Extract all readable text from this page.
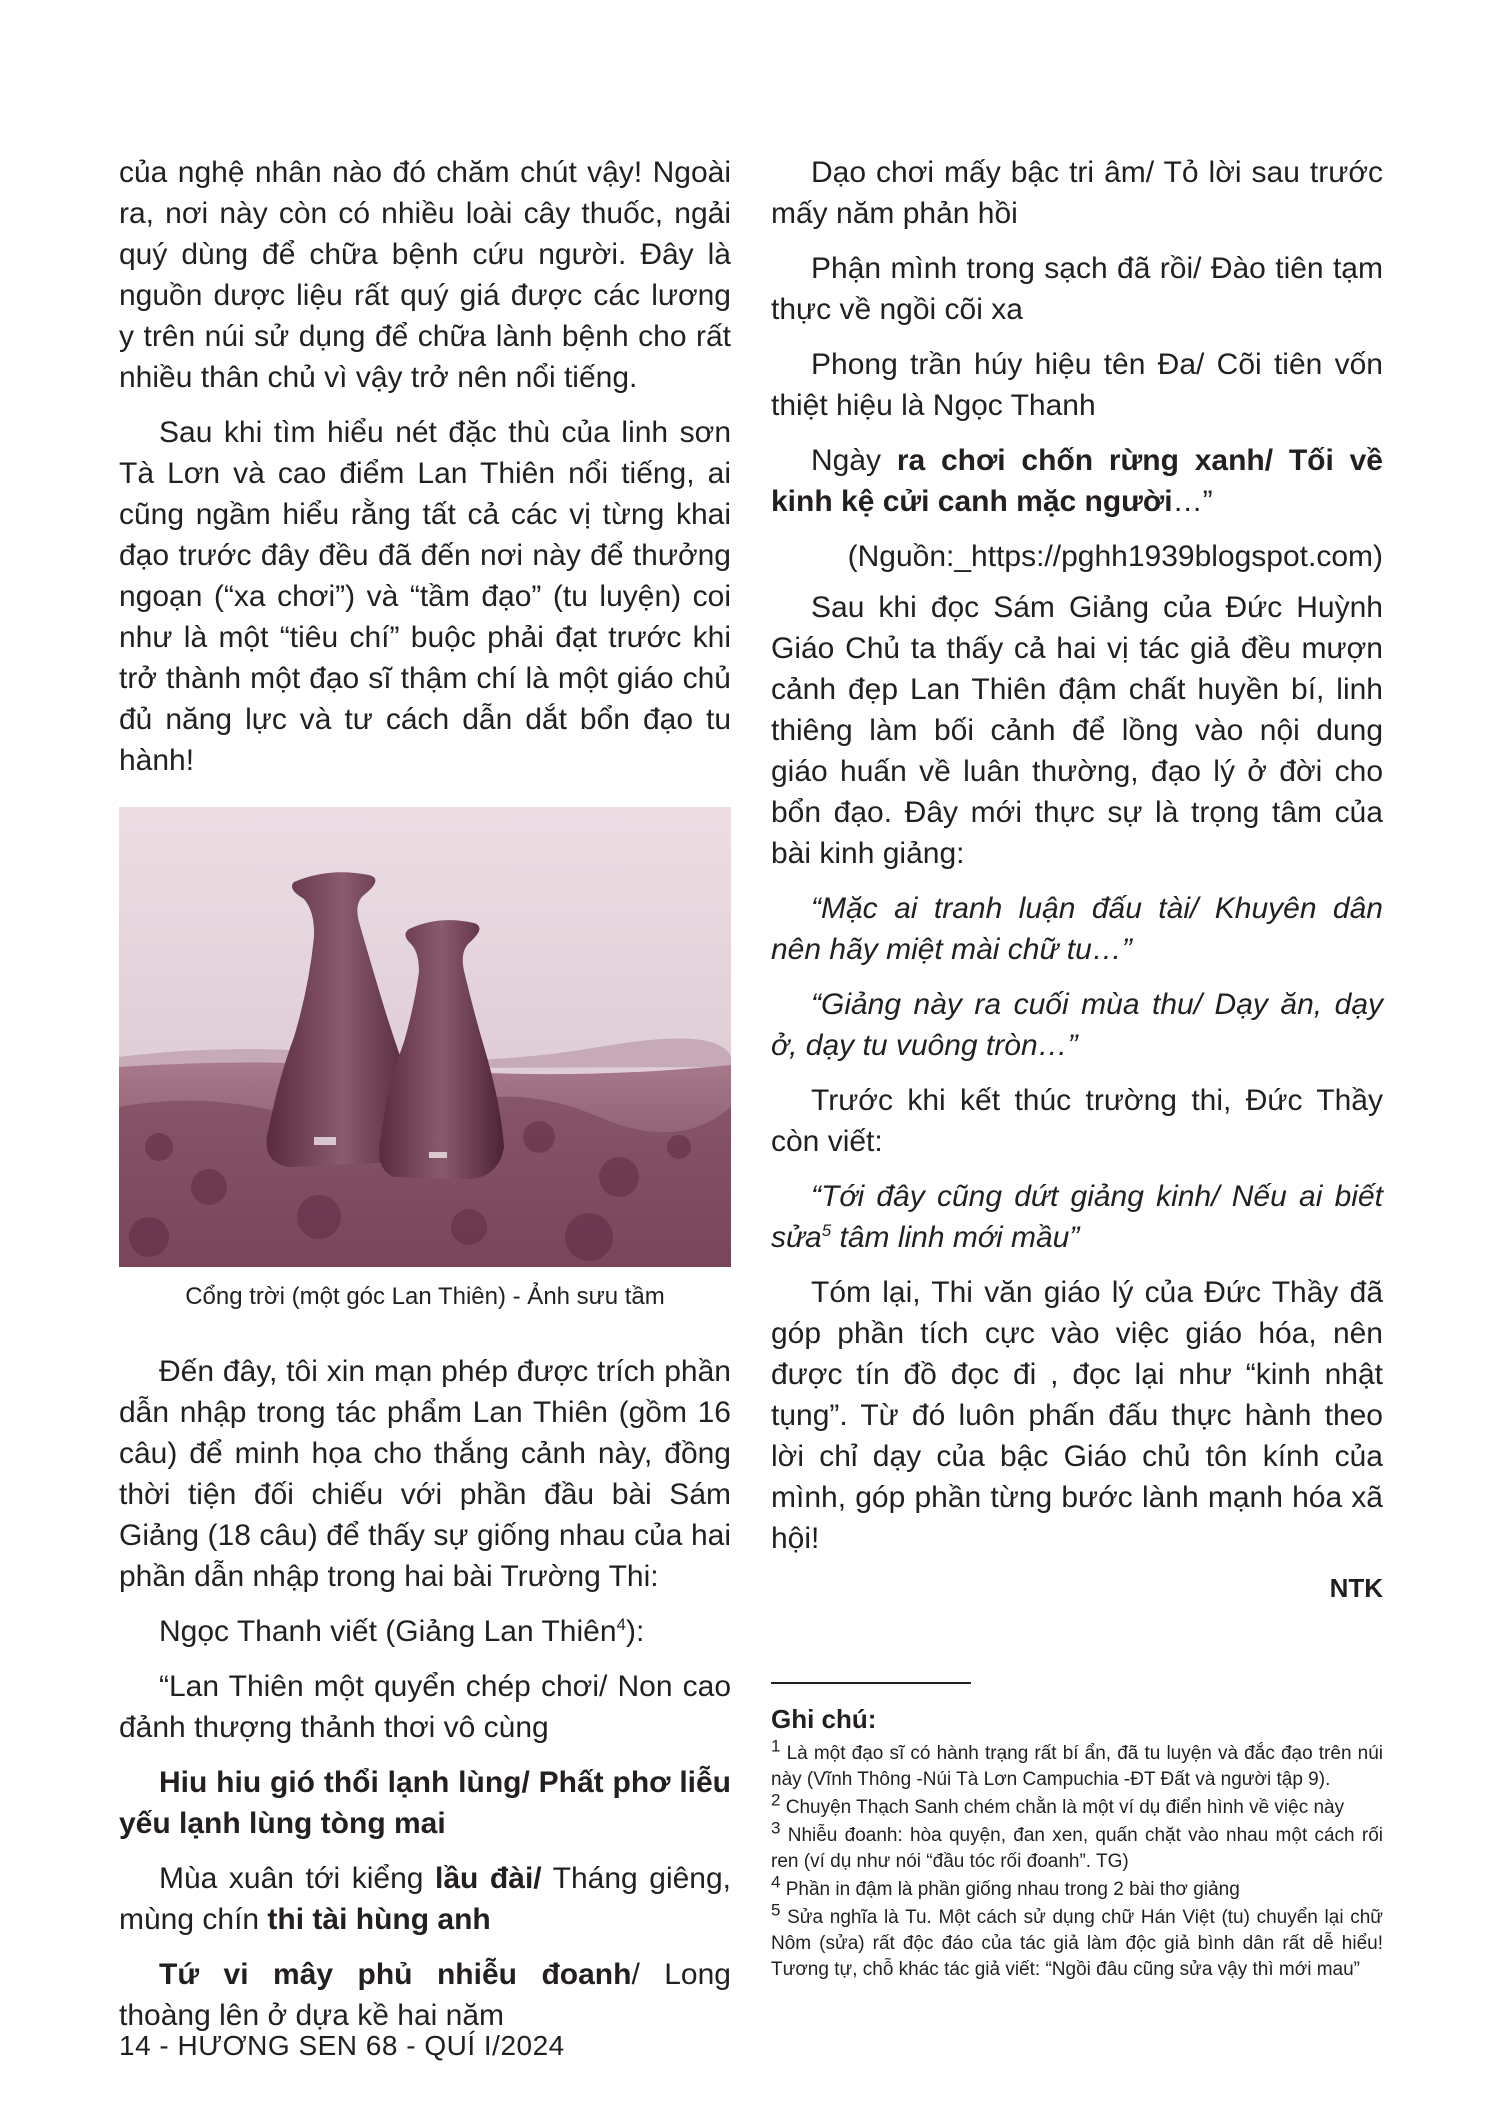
của nghệ nhân nào đó chăm chút vậy! Ngoài ra, nơi này còn có nhiều loài cây thuốc, ngải quý dùng để chữa bệnh cứu người. Đây là nguồn dược liệu rất quý giá được các lương y trên núi sử dụng để chữa lành bệnh cho rất nhiều thân chủ vì vậy trở nên nổi tiếng.

Sau khi tìm hiểu nét đặc thù của linh sơn Tà Lơn và cao điểm Lan Thiên nổi tiếng, ai cũng ngầm hiểu rằng tất cả các vị từng khai đạo trước đây đều đã đến nơi này để thưởng ngoạn (“xa chơi”) và “tầm đạo” (tu luyện) coi như là một “tiêu chí” buộc phải đạt trước khi trở thành một đạo sĩ thậm chí là một giáo chủ đủ năng lực và tư cách dẫn dắt bổn đạo tu hành!

Cổng trời (một góc Lan Thiên) - Ảnh sưu tầm

Đến đây, tôi xin mạn phép được trích phần dẫn nhập trong tác phẩm Lan Thiên (gồm 16 câu) để minh họa cho thắng cảnh này, đồng thời tiện đối chiếu với phần đầu bài Sám Giảng (18 câu) để thấy sự giống nhau của hai phần dẫn nhập trong hai bài Trường Thi:

Ngọc Thanh viết (Giảng Lan Thiên$^4$):

“Lan Thiên một quyển chép chơi/ Non cao đảnh thượng thảnh thơi vô cùng

Hiu hiu gió thổi lạnh lùng/ Phất phơ liễu yếu lạnh lùng tòng mai

Mùa xuân tới kiểng lầu đài/ Tháng giêng, mùng chín thi tài hùng anh

Tứ vi mây phủ nhiễu đoanh/ Long thoàng lên ở dựa kề hai năm

Dạo chơi mấy bậc tri âm/ Tỏ lời sau trước mấy năm phản hồi

Phận mình trong sạch đã rồi/ Đào tiên tạm thực về ngồi cõi xa

Phong trần húy hiệu tên Đa/ Cõi tiên vốn thiệt hiệu là Ngọc Thanh

Ngày ra chơi chốn rừng xanh/ Tối về kinh kệ cửi canh mặc người…”

(Nguồn:_https://pghh1939blogspot.com)

Sau khi đọc Sám Giảng của Đức Huỳnh Giáo Chủ ta thấy cả hai vị tác giả đều mượn cảnh đẹp Lan Thiên đậm chất huyền bí, linh thiêng làm bối cảnh để lồng vào nội dung giáo huấn về luân thường, đạo lý ở đời cho bổn đạo. Đây mới thực sự là trọng tâm của bài kinh giảng:

“Mặc ai tranh luận đấu tài/ Khuyên dân nên hãy miệt mài chữ tu…”

“Giảng này ra cuối mùa thu/ Dạy ăn, dạy ở, dạy tu vuông tròn…”

Trước khi kết thúc trường thi, Đức Thầy còn viết:

“Tới đây cũng dứt giảng kinh/ Nếu ai biết sửa$^5$ tâm linh mới mầu”

Tóm lại, Thi văn giáo lý của Đức Thầy đã góp phần tích cực vào việc giáo hóa, nên được tín đồ đọc đi , đọc lại như “kinh nhật tụng”. Từ đó luôn phấn đấu thực hành theo lời chỉ dạy của bậc Giáo chủ tôn kính của mình, góp phần từng bước lành mạnh hóa xã hội!

NTK
Ghi chú:

$^1$ Là một đạo sĩ có hành trạng rất bí ẩn, đã tu luyện và đắc đạo trên núi này (Vĩnh Thông -Núi Tà Lơn Campuchia -ĐT Đất và người tập 9).

$^2$ Chuyện Thạch Sanh chém chằn là một ví dụ điển hình về việc này

$^3$ Nhiễu đoanh: hòa quyện, đan xen, quấn chặt vào nhau một cách rối ren (ví dụ như nói “đầu tóc rối đoanh”. TG)

$^4$ Phần in đậm là phần giống nhau trong 2 bài thơ giảng

$^5$ Sửa nghĩa là Tu. Một cách sử dụng chữ Hán Việt (tu) chuyển lại chữ Nôm (sửa) rất độc đáo của tác giả làm độc giả bình dân rất dễ hiểu! Tương tự, chỗ khác tác giả viết: “Ngồi đâu cũng sửa vậy thì mới mau”

14 - HƯƠNG SEN 68 - QUÍ I/2024
